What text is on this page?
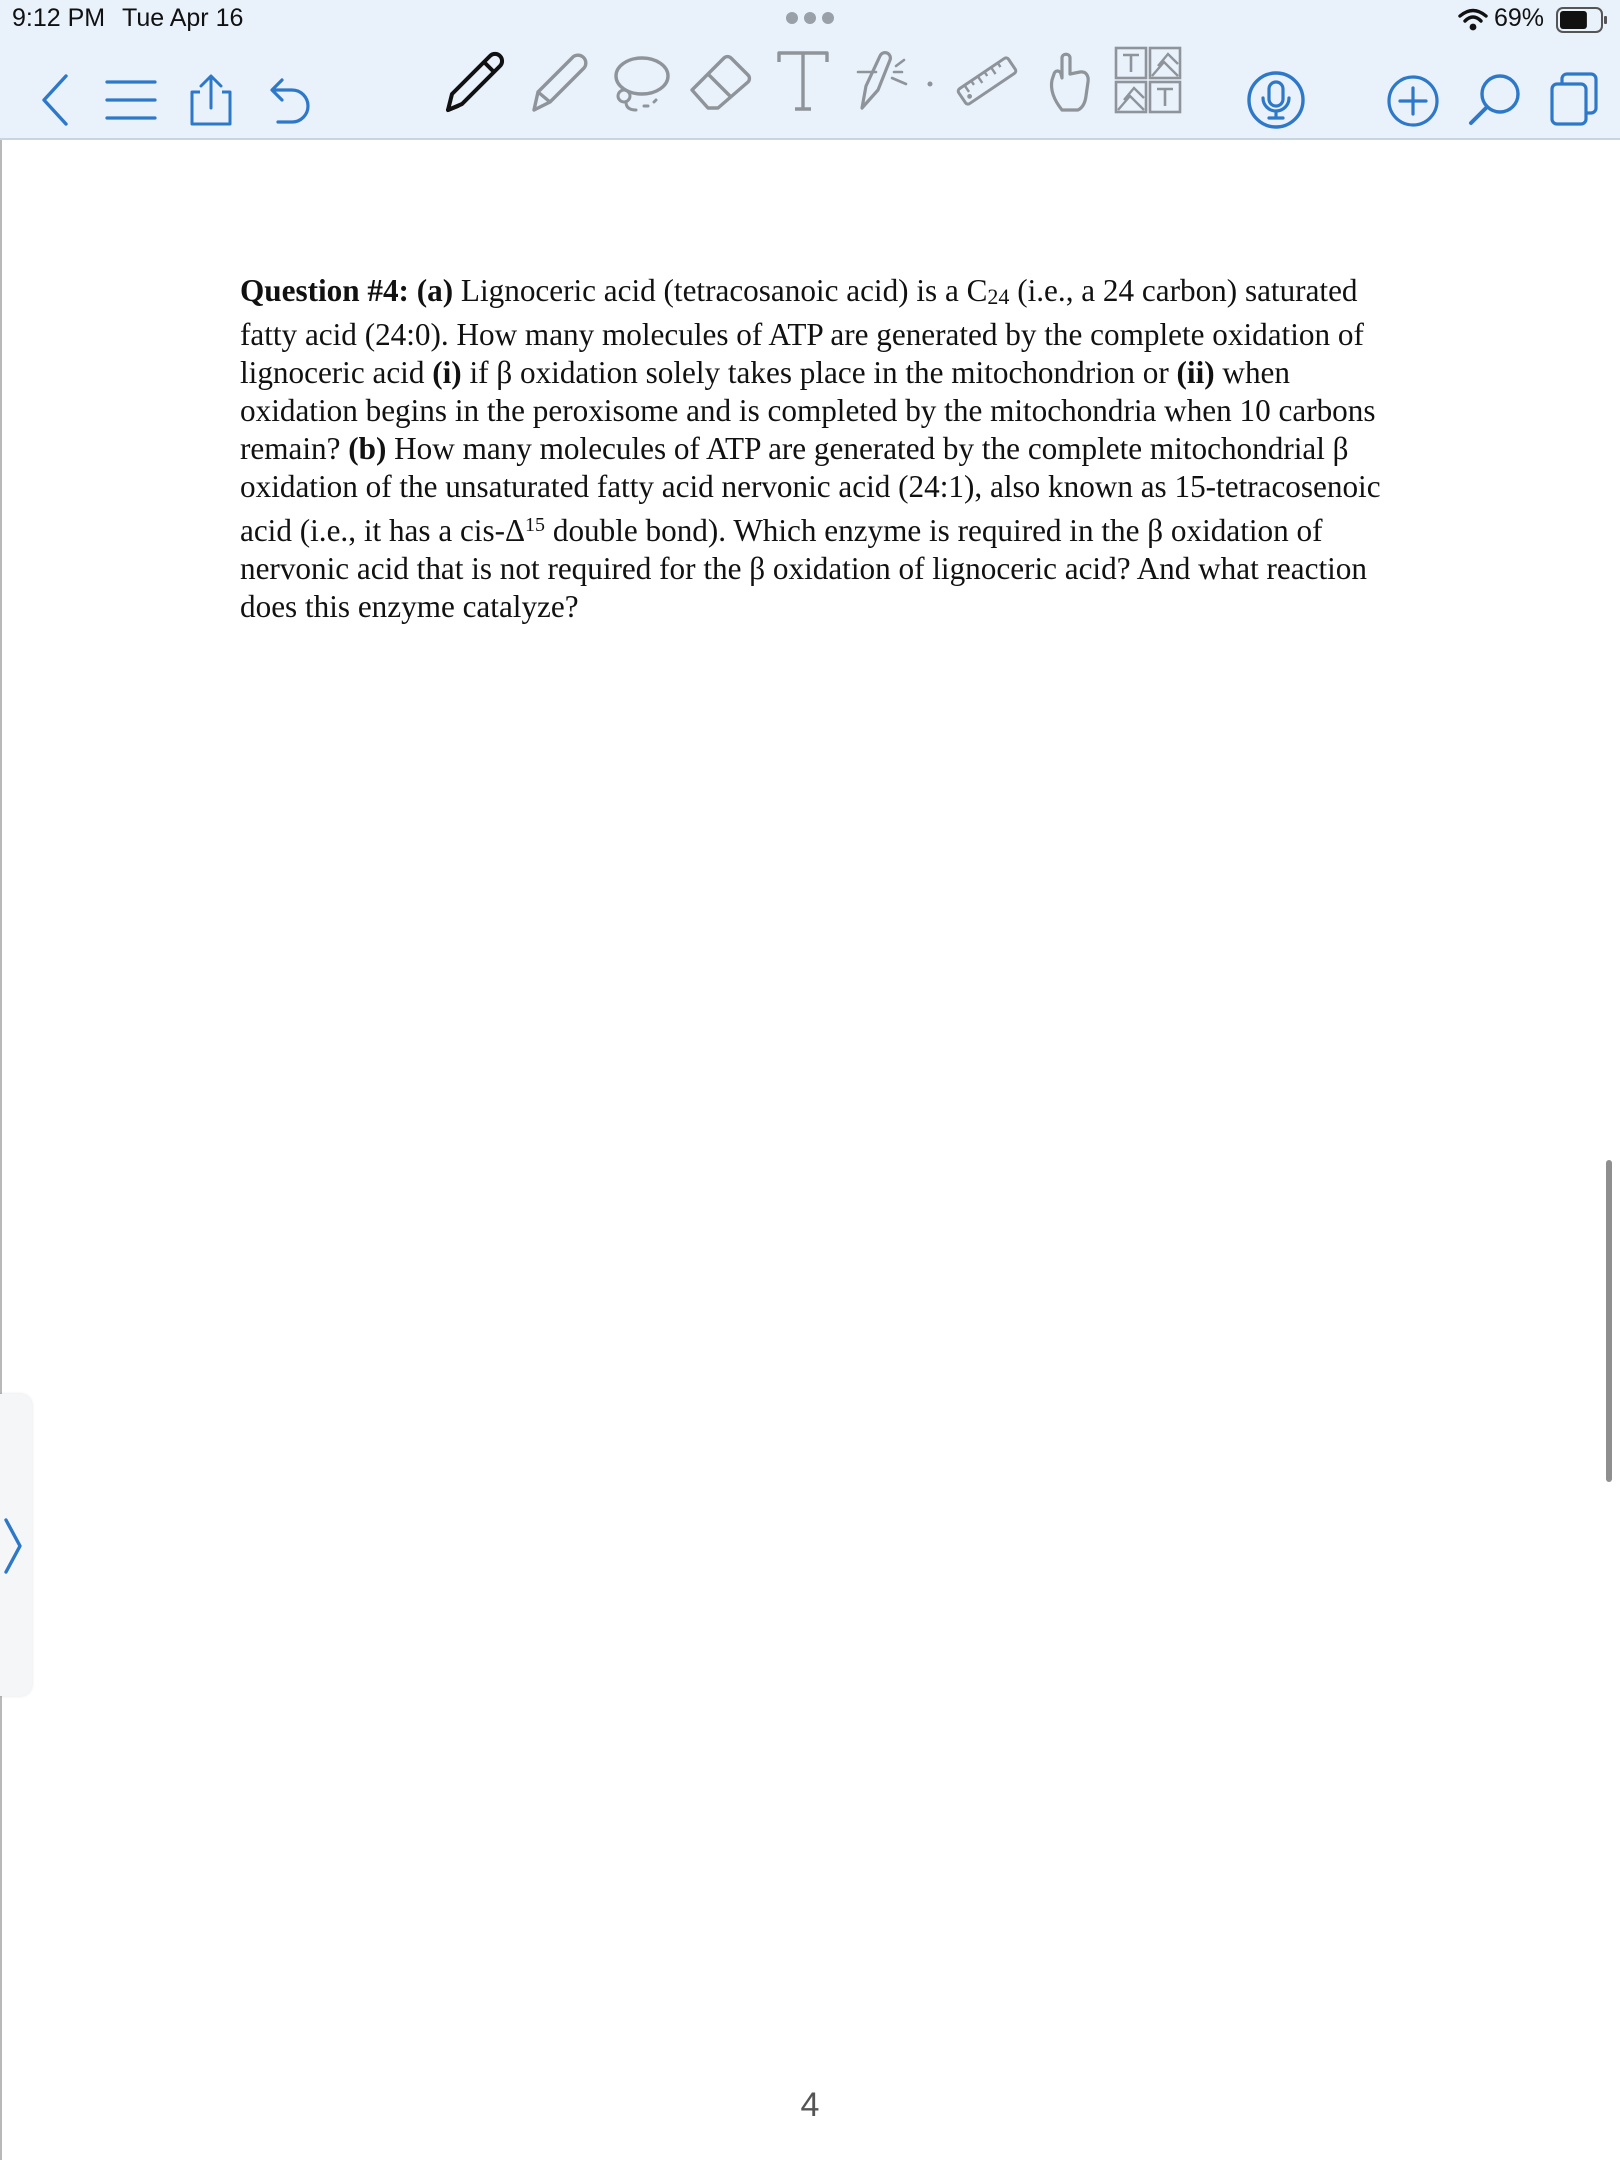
9:12 PM Tue Apr 16	69%

Question #4: (a) Lignoceric acid (tetracosanoic acid) is a $C_{24}$ (i.e., a 24 carbon) saturated fatty acid (24:0). How many molecules of ATP are generated by the complete oxidation of lignoceric acid (i) if β oxidation solely takes place in the mitochondrion or (ii) when oxidation begins in the peroxisome and is completed by the mitochondria when 10 carbons remain? (b) How many molecules of ATP are generated by the complete mitochondrial β oxidation of the unsaturated fatty acid nervonic acid (24:1), also known as 15-tetracosenoic acid (i.e., it has a cis-$\Delta^{15}$ double bond). Which enzyme is required in the β oxidation of nervonic acid that is not required for the β oxidation of lignoceric acid? And what reaction does this enzyme catalyze?

4
